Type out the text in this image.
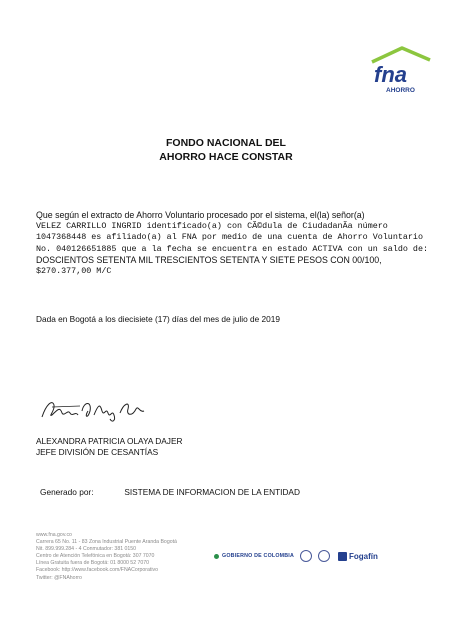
fna
AHORRO
FONDO NACIONAL DEL
AHORRO HACE CONSTAR
Que según el extracto de Ahorro Voluntario procesado por el sistema, el(la) señor(a)
VELEZ CARRILLO INGRID identificado(a) con CÃ©dula de CiudadanÃa número
1047368448 es afiliado(a) al FNA por medio de una cuenta de Ahorro Voluntario
No. 040126651885 que a la fecha se encuentra en estado ACTIVA con un saldo de:
DOSCIENTOS SETENTA MIL TRESCIENTOS SETENTA Y SIETE PESOS CON 00/100,
$270.377,00 M/C
Dada en Bogotá a los diecisiete (17) días del mes de julio de 2019
ALEXANDRA PATRICIA OLAYA DAJER
JEFE DIVISIÓN DE CESANTÍAS
Generado por:	SISTEMA DE INFORMACION DE LA ENTIDAD
www.fna.gov.co
Carrera 65 No. 11 - 83 Zona Industrial Puente Aranda Bogotá
Nit. 899.999.284 - 4 Conmutador: 381 0150
Centro de Atención Telefónica en Bogotá: 307 7070
Línea Gratuita fuera de Bogotá: 01 8000 52 7070
Facebook: http://www.facebook.com/FNACorporativo
Twitter: @FNAhorro
GOBIERNO DE COLOMBIA	Fogafín
